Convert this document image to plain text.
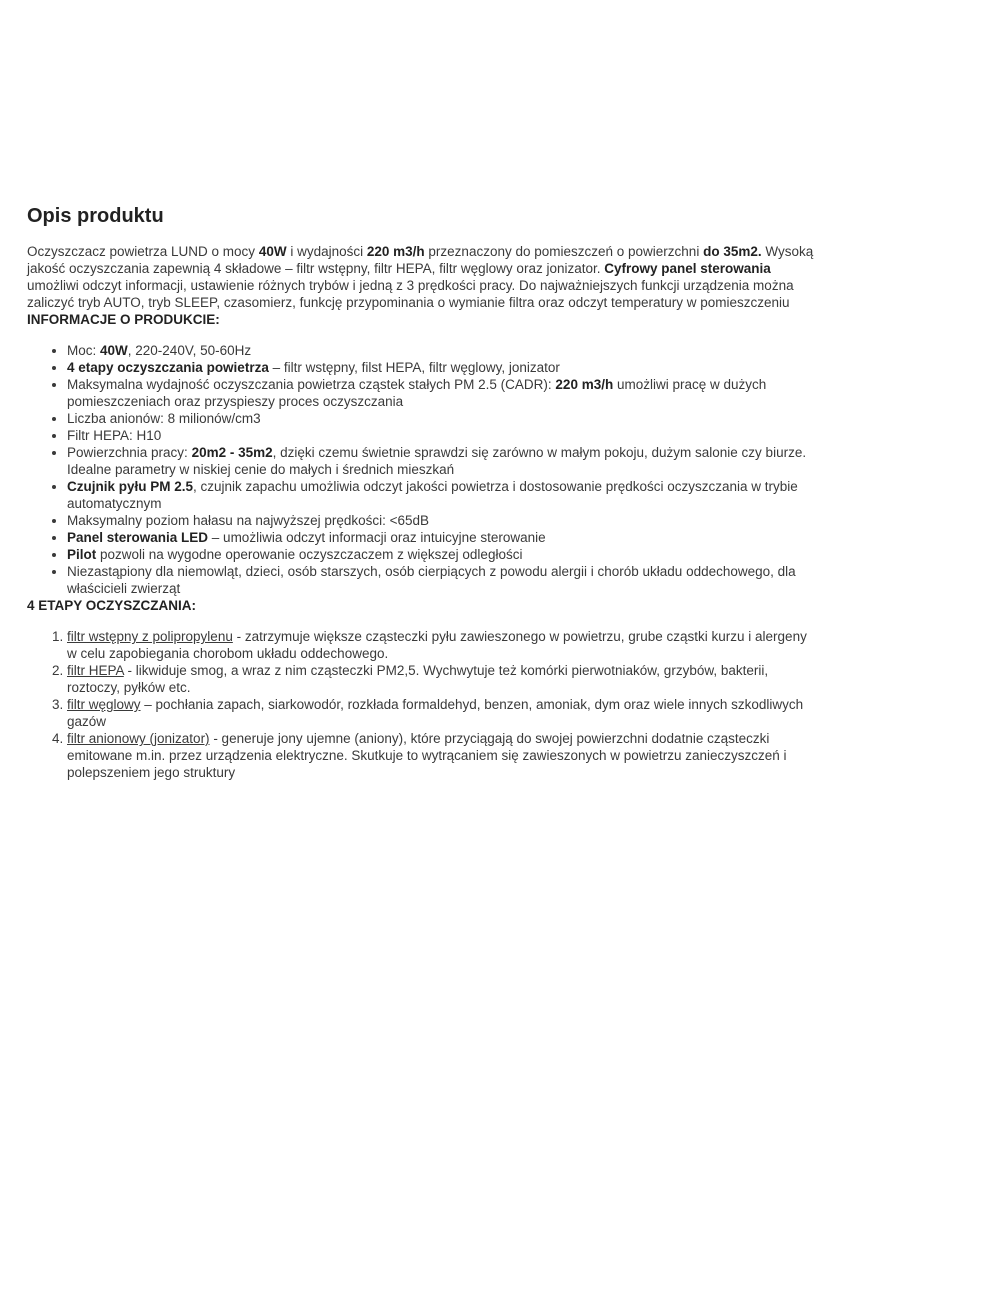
Opis produktu

Oczyszczacz powietrza LUND o mocy 40W i wydajności 220 m3/h przeznaczony do pomieszczeń o powierzchni do 35m2. Wysoką jakość oczyszczania zapewnią 4 składowe – filtr wstępny, filtr HEPA, filtr węglowy oraz jonizator. Cyfrowy panel sterowania umożliwi odczyt informacji, ustawienie różnych trybów i jedną z 3 prędkości pracy. Do najważniejszych funkcji urządzenia można zaliczyć tryb AUTO, tryb SLEEP, czasomierz, funkcję przypominania o wymianie filtra oraz odczyt temperatury w pomieszczeniu

INFORMACJE O PRODUKCIE:
• Moc: 40W, 220-240V, 50-60Hz
• 4 etapy oczyszczania powietrza – filtr wstępny, filst HEPA, filtr węglowy, jonizator
• Maksymalna wydajność oczyszczania powietrza cząstek stałych PM 2.5 (CADR): 220 m3/h umożliwi pracę w dużych pomieszczeniach oraz przyspieszy proces oczyszczania
• Liczba anionów: 8 milionów/cm3
• Filtr HEPA: H10
• Powierzchnia pracy: 20m2 - 35m2, dzięki czemu świetnie sprawdzi się zarówno w małym pokoju, dużym salonie czy biurze. Idealne parametry w niskiej cenie do małych i średnich mieszkań
• Czujnik pyłu PM 2.5, czujnik zapachu umożliwia odczyt jakości powietrza i dostosowanie prędkości oczyszczania w trybie automatycznym
• Maksymalny poziom hałasu na najwyższej prędkości: <65dB
• Panel sterowania LED – umożliwia odczyt informacji oraz intuicyjne sterowanie
• Pilot pozwoli na wygodne operowanie oczyszczaczem z większej odległości
• Niezastąpiony dla niemowląt, dzieci, osób starszych, osób cierpiących z powodu alergii i chorób układu oddechowego, dla właścicieli zwierząt
4 ETAPY OCZYSZCZANIA:
1. filtr wstępny z polipropylenu - zatrzymuje większe cząsteczki pyłu zawieszonego w powietrzu, grube cząstki kurzu i alergeny w celu zapobiegania chorobom układu oddechowego.
2. filtr HEPA - likwiduje smog, a wraz z nim cząsteczki PM2,5. Wychwytuje też komórki pierwotniaków, grzybów, bakterii, roztoczy, pyłków etc.
3. filtr węglowy – pochłania zapach, siarkowodór, rozkłada formaldehyd, benzen, amoniak, dym oraz wiele innych szkodliwych gazów
4. filtr anionowy (jonizator) - generuje jony ujemne (aniony), które przyciągają do swojej powierzchni dodatnie cząsteczki emitowane m.in. przez urządzenia elektryczne. Skutkuje to wytrącaniem się zawieszonych w powietrzu zanieczyszczeń i polepszeniem jego struktury
